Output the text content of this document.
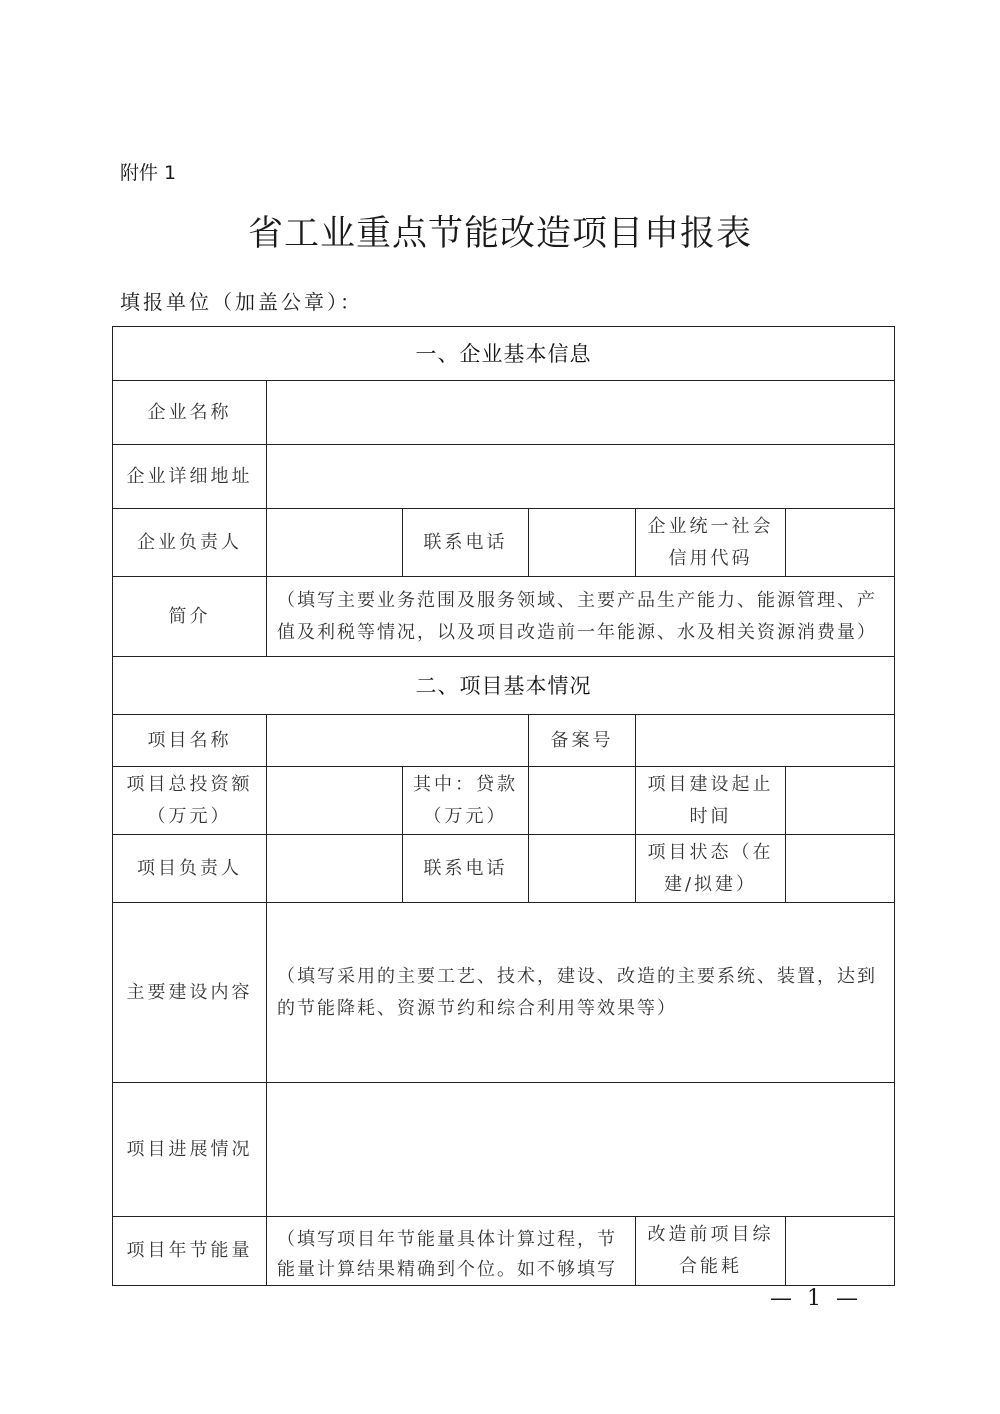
附件 1
省工业重点节能改造项目申报表
填报单位（加盖公章）：
一、企业基本信息					
企业名称					
企业详细地址					
企业负责人		联系电话		企业统一社会信用代码	
简介	（填写主要业务范围及服务领域、主要产品生产能力、能源管理、产值及利税等情况，以及项目改造前一年能源、水及相关资源消费量）				
二、项目基本情况					
项目名称			备案号		
项目总投资额（万元）		其中：贷款（万元）		项目建设起止时间	
项目负责人		联系电话		项目状态（在建/拟建）	
主要建设内容	（填写采用的主要工艺、技术，建设、改造的主要系统、装置，达到的节能降耗、资源节约和综合利用等效果等）				
项目进展情况					
项目年节能量	（填写项目年节能量具体计算过程，节能量计算结果精确到个位。如不够填写			改造前项目综合能耗	
— 1 —
